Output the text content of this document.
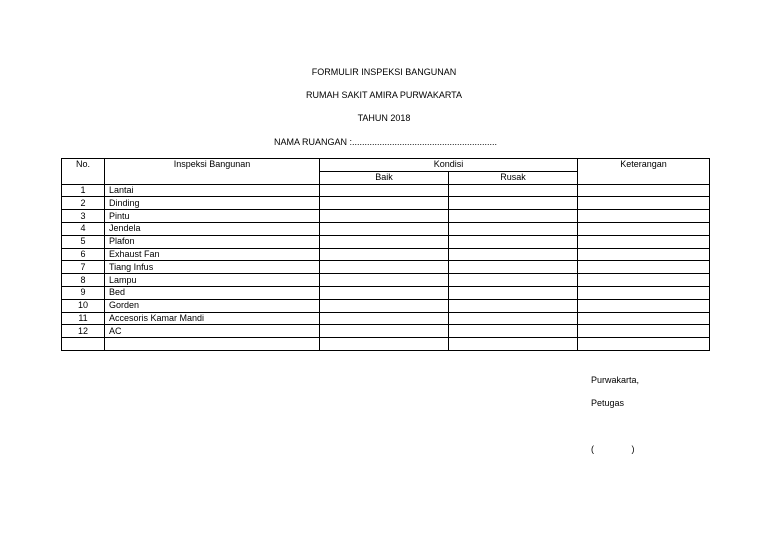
FORMULIR INSPEKSI BANGUNAN
RUMAH SAKIT AMIRA PURWAKARTA
TAHUN 2018
NAMA RUANGAN :..........................................................
No.	Inspeksi Bangunan	Kondisi		Keterangan
		Baik	Rusak	
1	Lantai			
2	Dinding			
3	Pintu			
4	Jendela			
5	Plafon			
6	Exhaust Fan			
7	Tiang Infus			
8	Lampu			
9	Bed			
10	Gorden			
11	Accesoris Kamar Mandi			
12	AC			

Purwakarta,
Petugas
(               )
